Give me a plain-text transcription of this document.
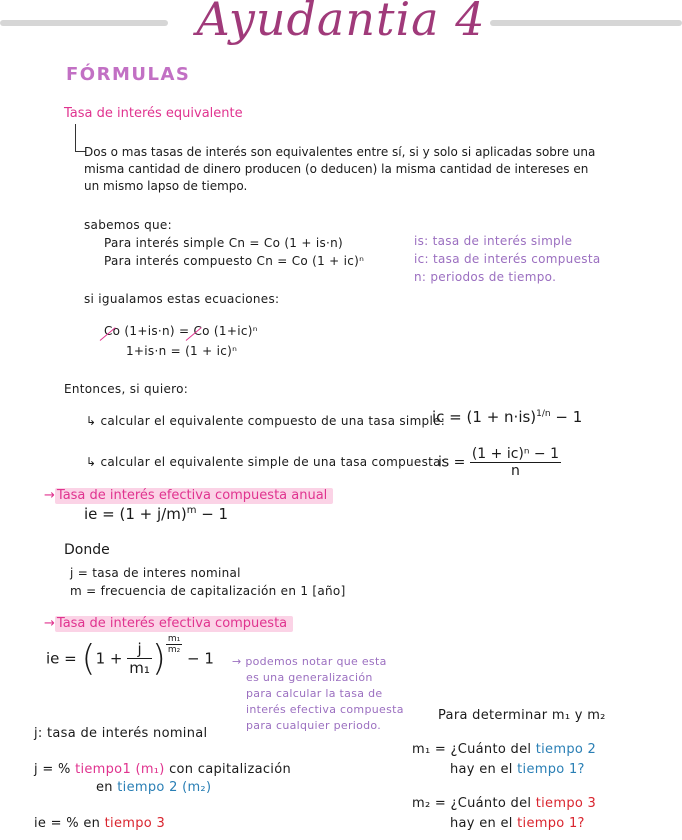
Ayudantia 4
FÓRMULAS
Tasa de interés equivalente
Dos o mas tasas de interés son equivalentes entre sí, si y solo si aplicadas sobre una misma cantidad de dinero producen (o deducen) la misma cantidad de intereses en un mismo lapso de tiempo.
sabemos que:
Para interés simple Cn = Co (1 + is·n)
Para interés compuesto Cn = Co (1 + ic)ⁿ
is: tasa de interés simple
ic: tasa de interés compuesta
n: periodos de tiempo.
si igualamos estas ecuaciones:
Co (1+is·n) = Co (1+ic)ⁿ
1+is·n = (1 + ic)ⁿ
Entonces, si quiero:
↳ calcular el equivalente compuesto de una tasa simple:
ic = $(1 + n\cdot is)^{1/n} - 1$
↳ calcular el equivalente simple de una tasa compuesta:
is = $\frac{\text{(1 + ic)ⁿ − 1}}{n}$
→ Tasa de interés efectiva compuesta anual
ie = $(1 + j/m)^m - 1$
Donde
j = tasa de interes nominal
m = frecuencia de capitalización en 1 [año]
→ Tasa de interés efectiva compuesta
ie = ($1 + \frac{j}{\text{m₁}}$ ) $\frac{\text{m₁}}{\text{m₂}}$
− 1 → podemos notar que esta
es una generalización
para calcular la tasa de
interés efectiva compuesta
para cualquier periodo.
Para determinar m₁ y m₂
j: tasa de interés nominal
j = % tiempo1 (m₁) con capitalización
en tiempo 2 (m₂)
ie = % en tiempo 3
m₁ = ¿Cuánto del tiempo 2
hay en el tiempo 1?
m₂ = ¿Cuánto del tiempo 3
hay en el tiempo 1?
